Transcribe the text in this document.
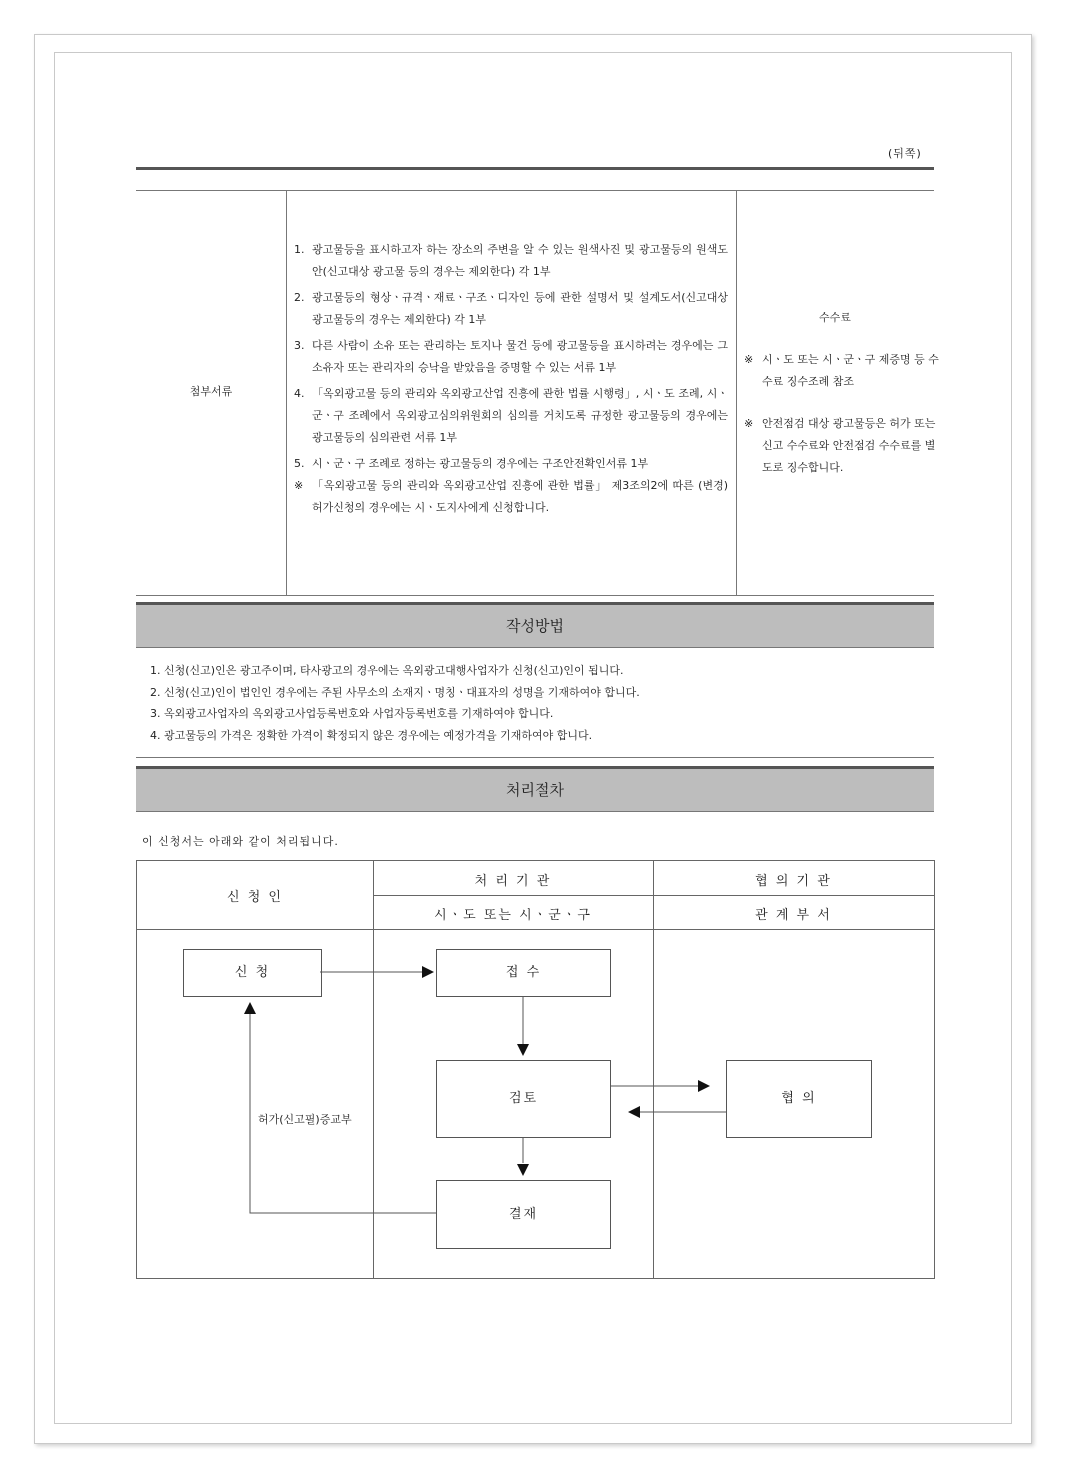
(뒤쪽)
첨부서류
1. 광고물등을 표시하고자 하는 장소의 주변을 알 수 있는 원색사진 및 광고물등의 원색도안(신고대상 광고물 등의 경우는 제외한다) 각 1부
2. 광고물등의 형상ㆍ규격ㆍ재료ㆍ구조ㆍ디자인 등에 관한 설명서 및 설계도서(신고대상 광고물등의 경우는 제외한다) 각 1부
3. 다른 사람이 소유 또는 관리하는 토지나 물건 등에 광고물등을 표시하려는 경우에는 그 소유자 또는 관리자의 승낙을 받았음을 증명할 수 있는 서류 1부
4. 「옥외광고물 등의 관리와 옥외광고산업 진흥에 관한 법률 시행령」, 시ㆍ도 조례, 시ㆍ군ㆍ구 조례에서 옥외광고심의위원회의 심의를 거치도록 규정한 광고물등의 경우에는 광고물등의 심의관련 서류 1부
5. 시ㆍ군ㆍ구 조례로 정하는 광고물등의 경우에는 구조안전확인서류 1부
※ 「옥외광고물 등의 관리와 옥외광고산업 진흥에 관한 법률」 제3조의2에 따른 (변경)허가신청의 경우에는 시ㆍ도지사에게 신청합니다.
수수료
※ 시ㆍ도 또는 시ㆍ군ㆍ구 제증명 등 수수료 징수조례 참조
※ 안전점검 대상 광고물등은 허가 또는 신고 수수료와 안전점검 수수료를 별도로 징수합니다.
작성방법
1. 신청(신고)인은 광고주이며, 타사광고의 경우에는 옥외광고대행사업자가 신청(신고)인이 됩니다.
2. 신청(신고)인이 법인인 경우에는 주된 사무소의 소재지ㆍ명칭ㆍ대표자의 성명을 기재하여야 합니다.
3. 옥외광고사업자의 옥외광고사업등록번호와 사업자등록번호를 기재하여야 합니다.
4. 광고물등의 가격은 정확한 가격이 확정되지 않은 경우에는 예정가격을 기재하여야 합니다.
처리절차
이 신청서는 아래와 같이 처리됩니다.
신 청 인
처 리 기 관
시ㆍ도 또는 시ㆍ군ㆍ구
협 의 기 관
관 계 부 서
신 청	접 수
검토	협 의
결재
허가(신고필)증교부
